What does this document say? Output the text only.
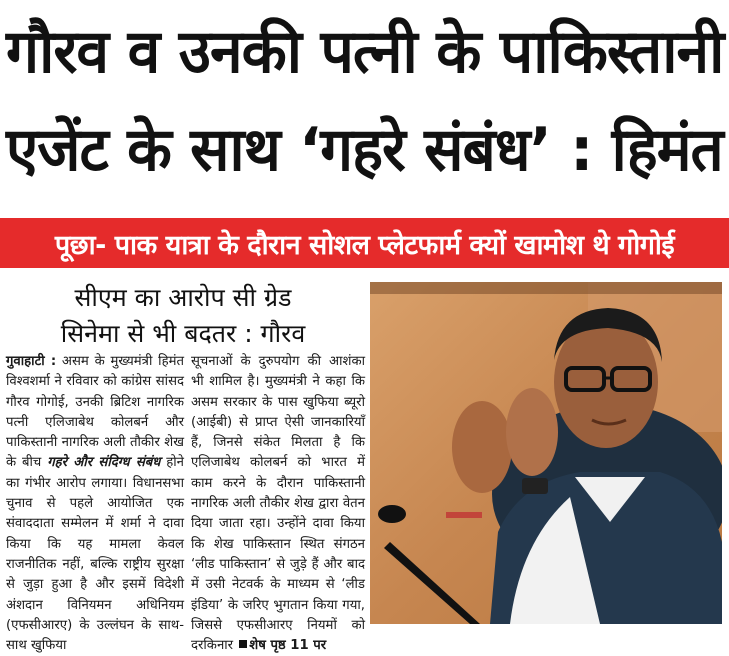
गौरव व उनकी पत्नी के पाकिस्तानी
एजेंट के साथ ‘गहरे संबंध’ : हिमंत
पूछा- पाक यात्रा के दौरान सोशल प्लेटफार्म क्यों खामोश थे गोगोई
सीएम का आरोप सी ग्रेड
सिनेमा से भी बदतर : गौरव

गुवाहाटी : असम के मुख्यमंत्री हिमंत विश्वशर्मा ने रविवार को कांग्रेस सांसद गौरव गोगोई, उनकी ब्रिटिश नागरिक पत्नी एलिजाबेथ कोलबर्न और पाकिस्तानी नागरिक अली तौकीर शेख के बीच गहरे और संदिग्ध संबंध होने का गंभीर आरोप लगाया। विधानसभा चुनाव से पहले आयोजित एक संवाददाता सम्मेलन में शर्मा ने दावा किया कि यह मामला केवल राजनीतिक नहीं, बल्कि राष्ट्रीय सुरक्षा से जुड़ा हुआ है और इसमें विदेशी अंशदान विनियमन अधिनियम (एफसीआरए) के उल्लंघन के साथ-साथ खुफिया

सूचनाओं के दुरुपयोग की आशंका भी शामिल है। मुख्यमंत्री ने कहा कि असम सरकार के पास खुफिया ब्यूरो (आईबी) से प्राप्त ऐसी जानकारियाँ हैं, जिनसे संकेत मिलता है कि एलिजाबेथ कोलबर्न को भारत में काम करने के दौरान पाकिस्तानी नागरिक अली तौकीर शेख द्वारा वेतन दिया जाता रहा। उन्होंने दावा किया कि शेख पाकिस्तान स्थित संगठन ‘लीड पाकिस्तान’ से जुड़े हैं और बाद में उसी नेटवर्क के माध्यम से ‘लीड इंडिया’ के जरिए भुगतान किया गया, जिससे एफसीआरए नियमों को दरकिनार शेष पृष्ठ 11 पर
